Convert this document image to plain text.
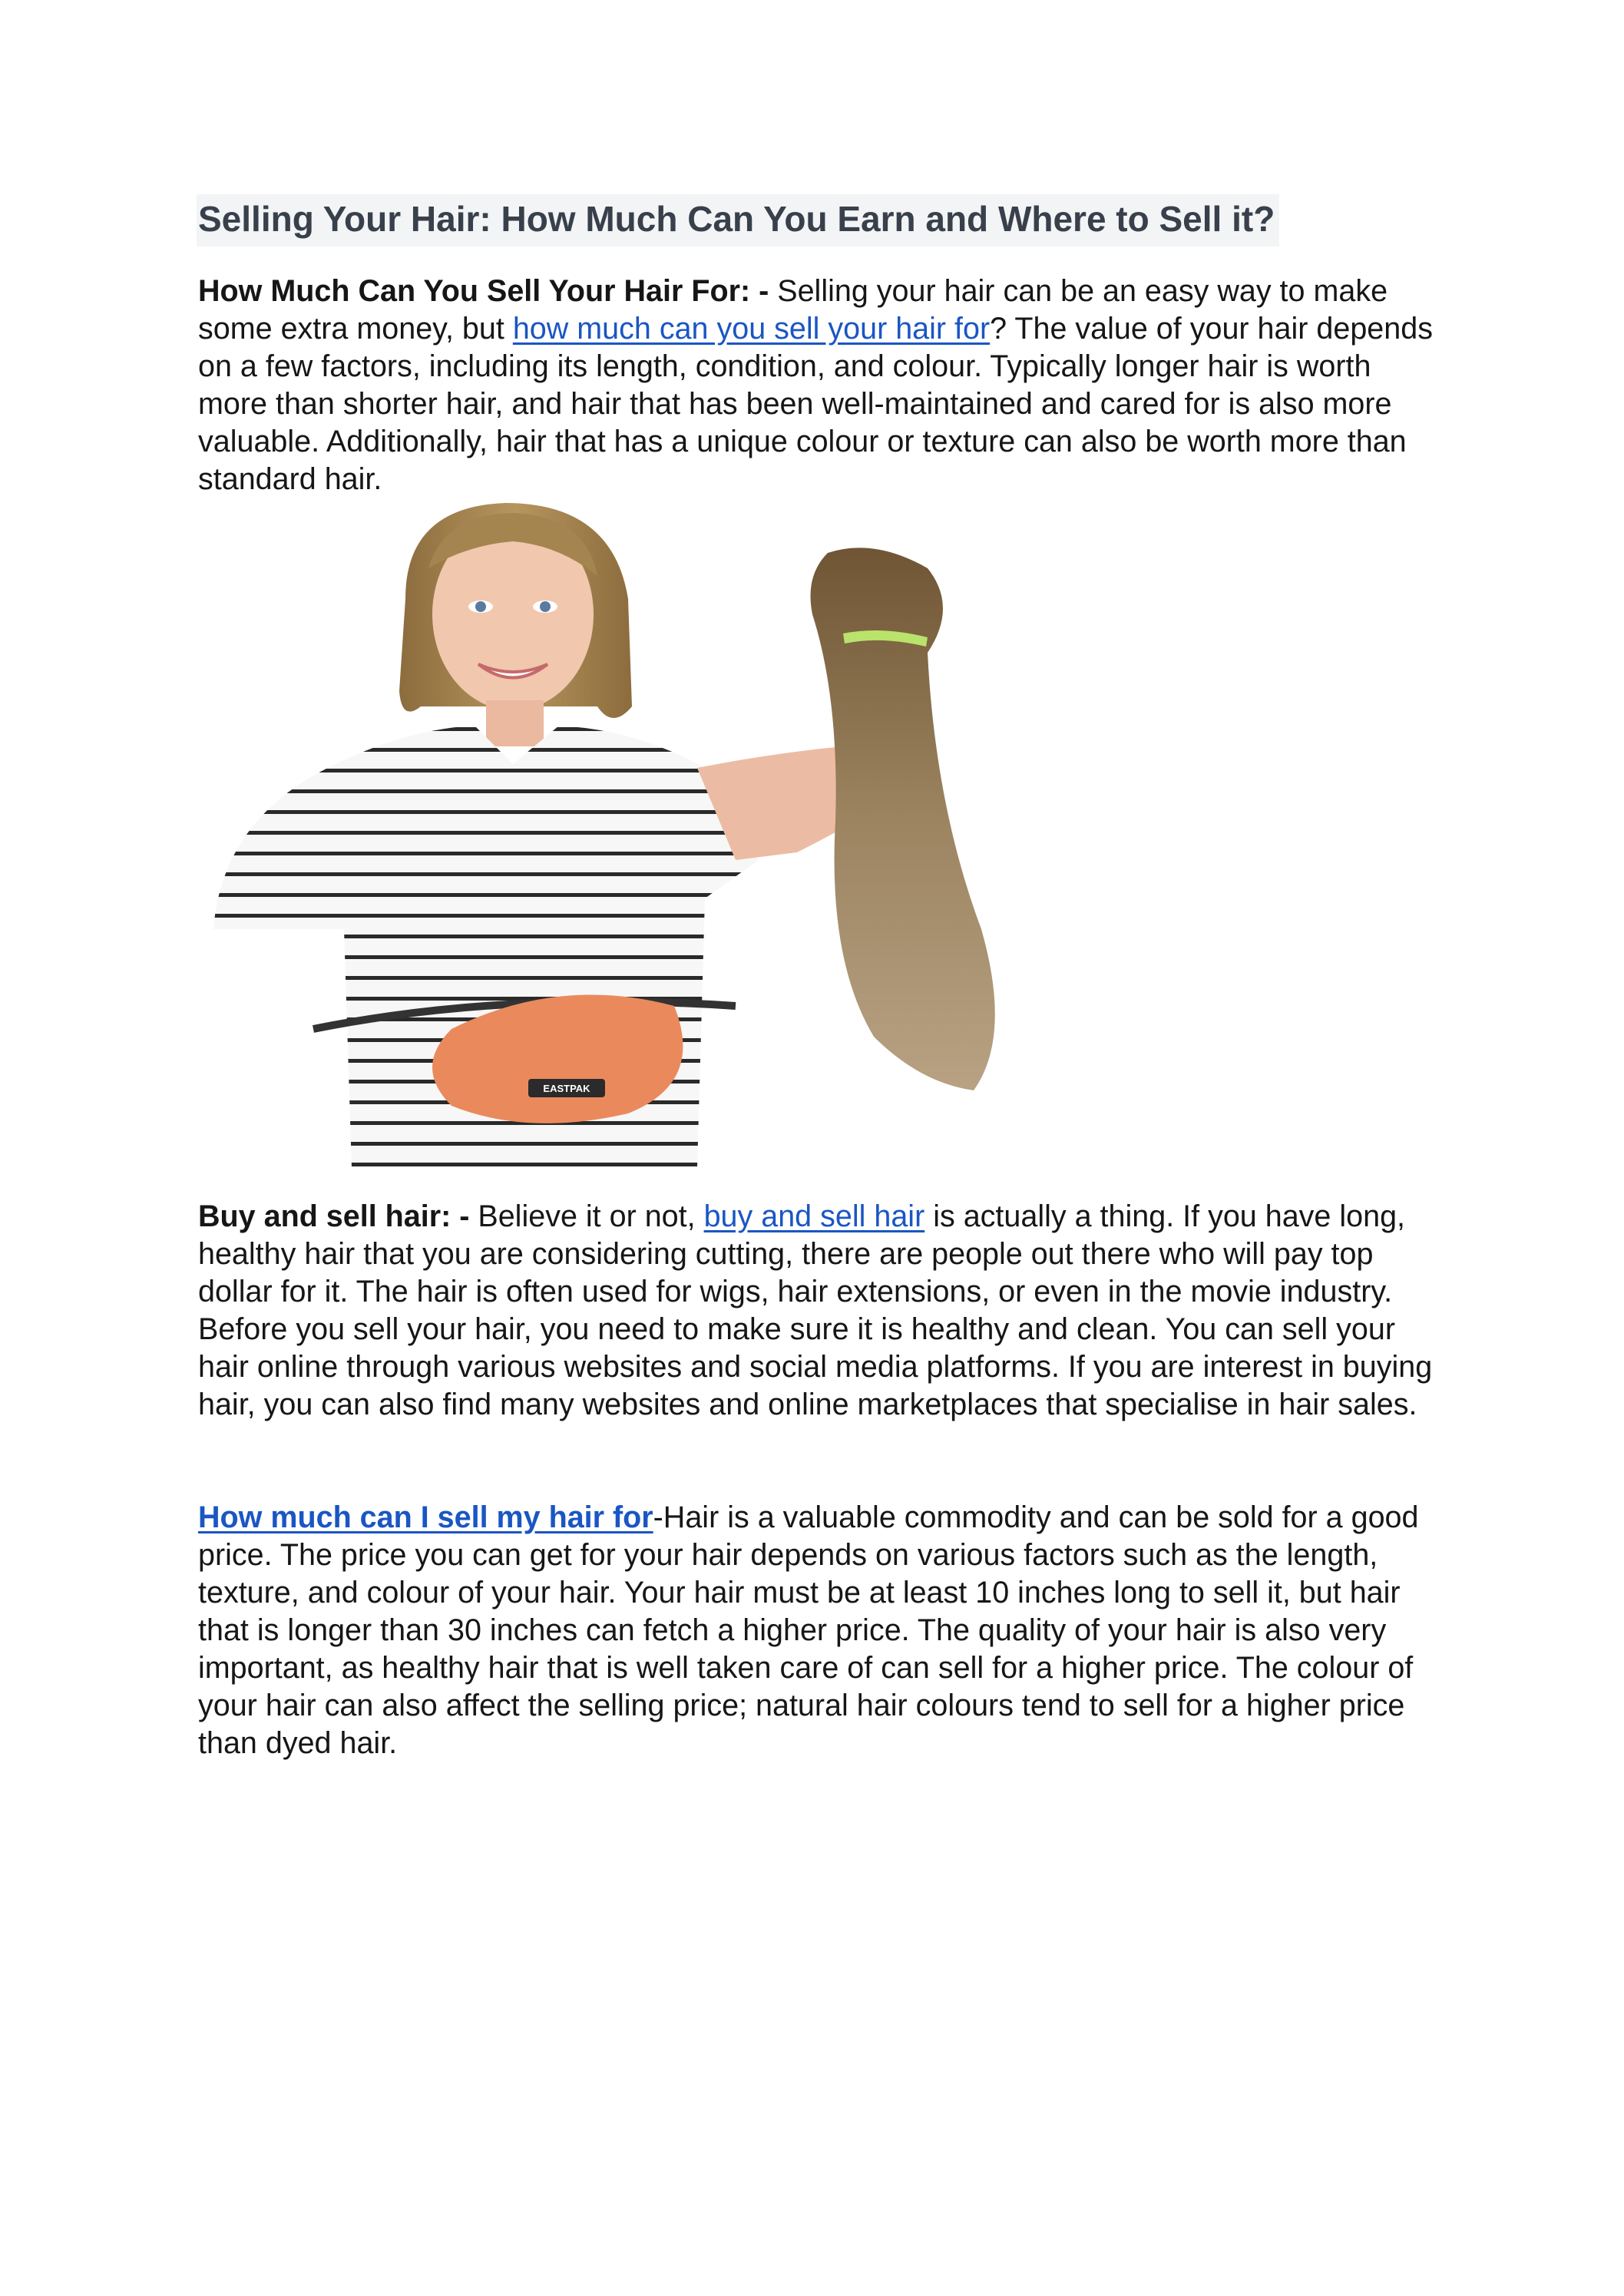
Selling Your Hair: How Much Can You Earn and Where to Sell it?

How Much Can You Sell Your Hair For: - Selling your hair can be an easy way to make some extra money, but how much can you sell your hair for? The value of your hair depends on a few factors, including its length, condition, and colour. Typically longer hair is worth more than shorter hair, and hair that has been well-maintained and cared for is also more valuable. Additionally, hair that has a unique colour or texture can also be worth more than standard hair.

EASTPAK

Buy and sell hair: - Believe it or not, buy and sell hair is actually a thing. If you have long, healthy hair that you are considering cutting, there are people out there who will pay top dollar for it. The hair is often used for wigs, hair extensions, or even in the movie industry. Before you sell your hair, you need to make sure it is healthy and clean. You can sell your hair online through various websites and social media platforms. If you are interest in buying hair, you can also find many websites and online marketplaces that specialise in hair sales.

How much can I sell my hair for-Hair is a valuable commodity and can be sold for a good price. The price you can get for your hair depends on various factors such as the length, texture, and colour of your hair. Your hair must be at least 10 inches long to sell it, but hair that is longer than 30 inches can fetch a higher price. The quality of your hair is also very important, as healthy hair that is well taken care of can sell for a higher price. The colour of your hair can also affect the selling price; natural hair colours tend to sell for a higher price than dyed hair.
